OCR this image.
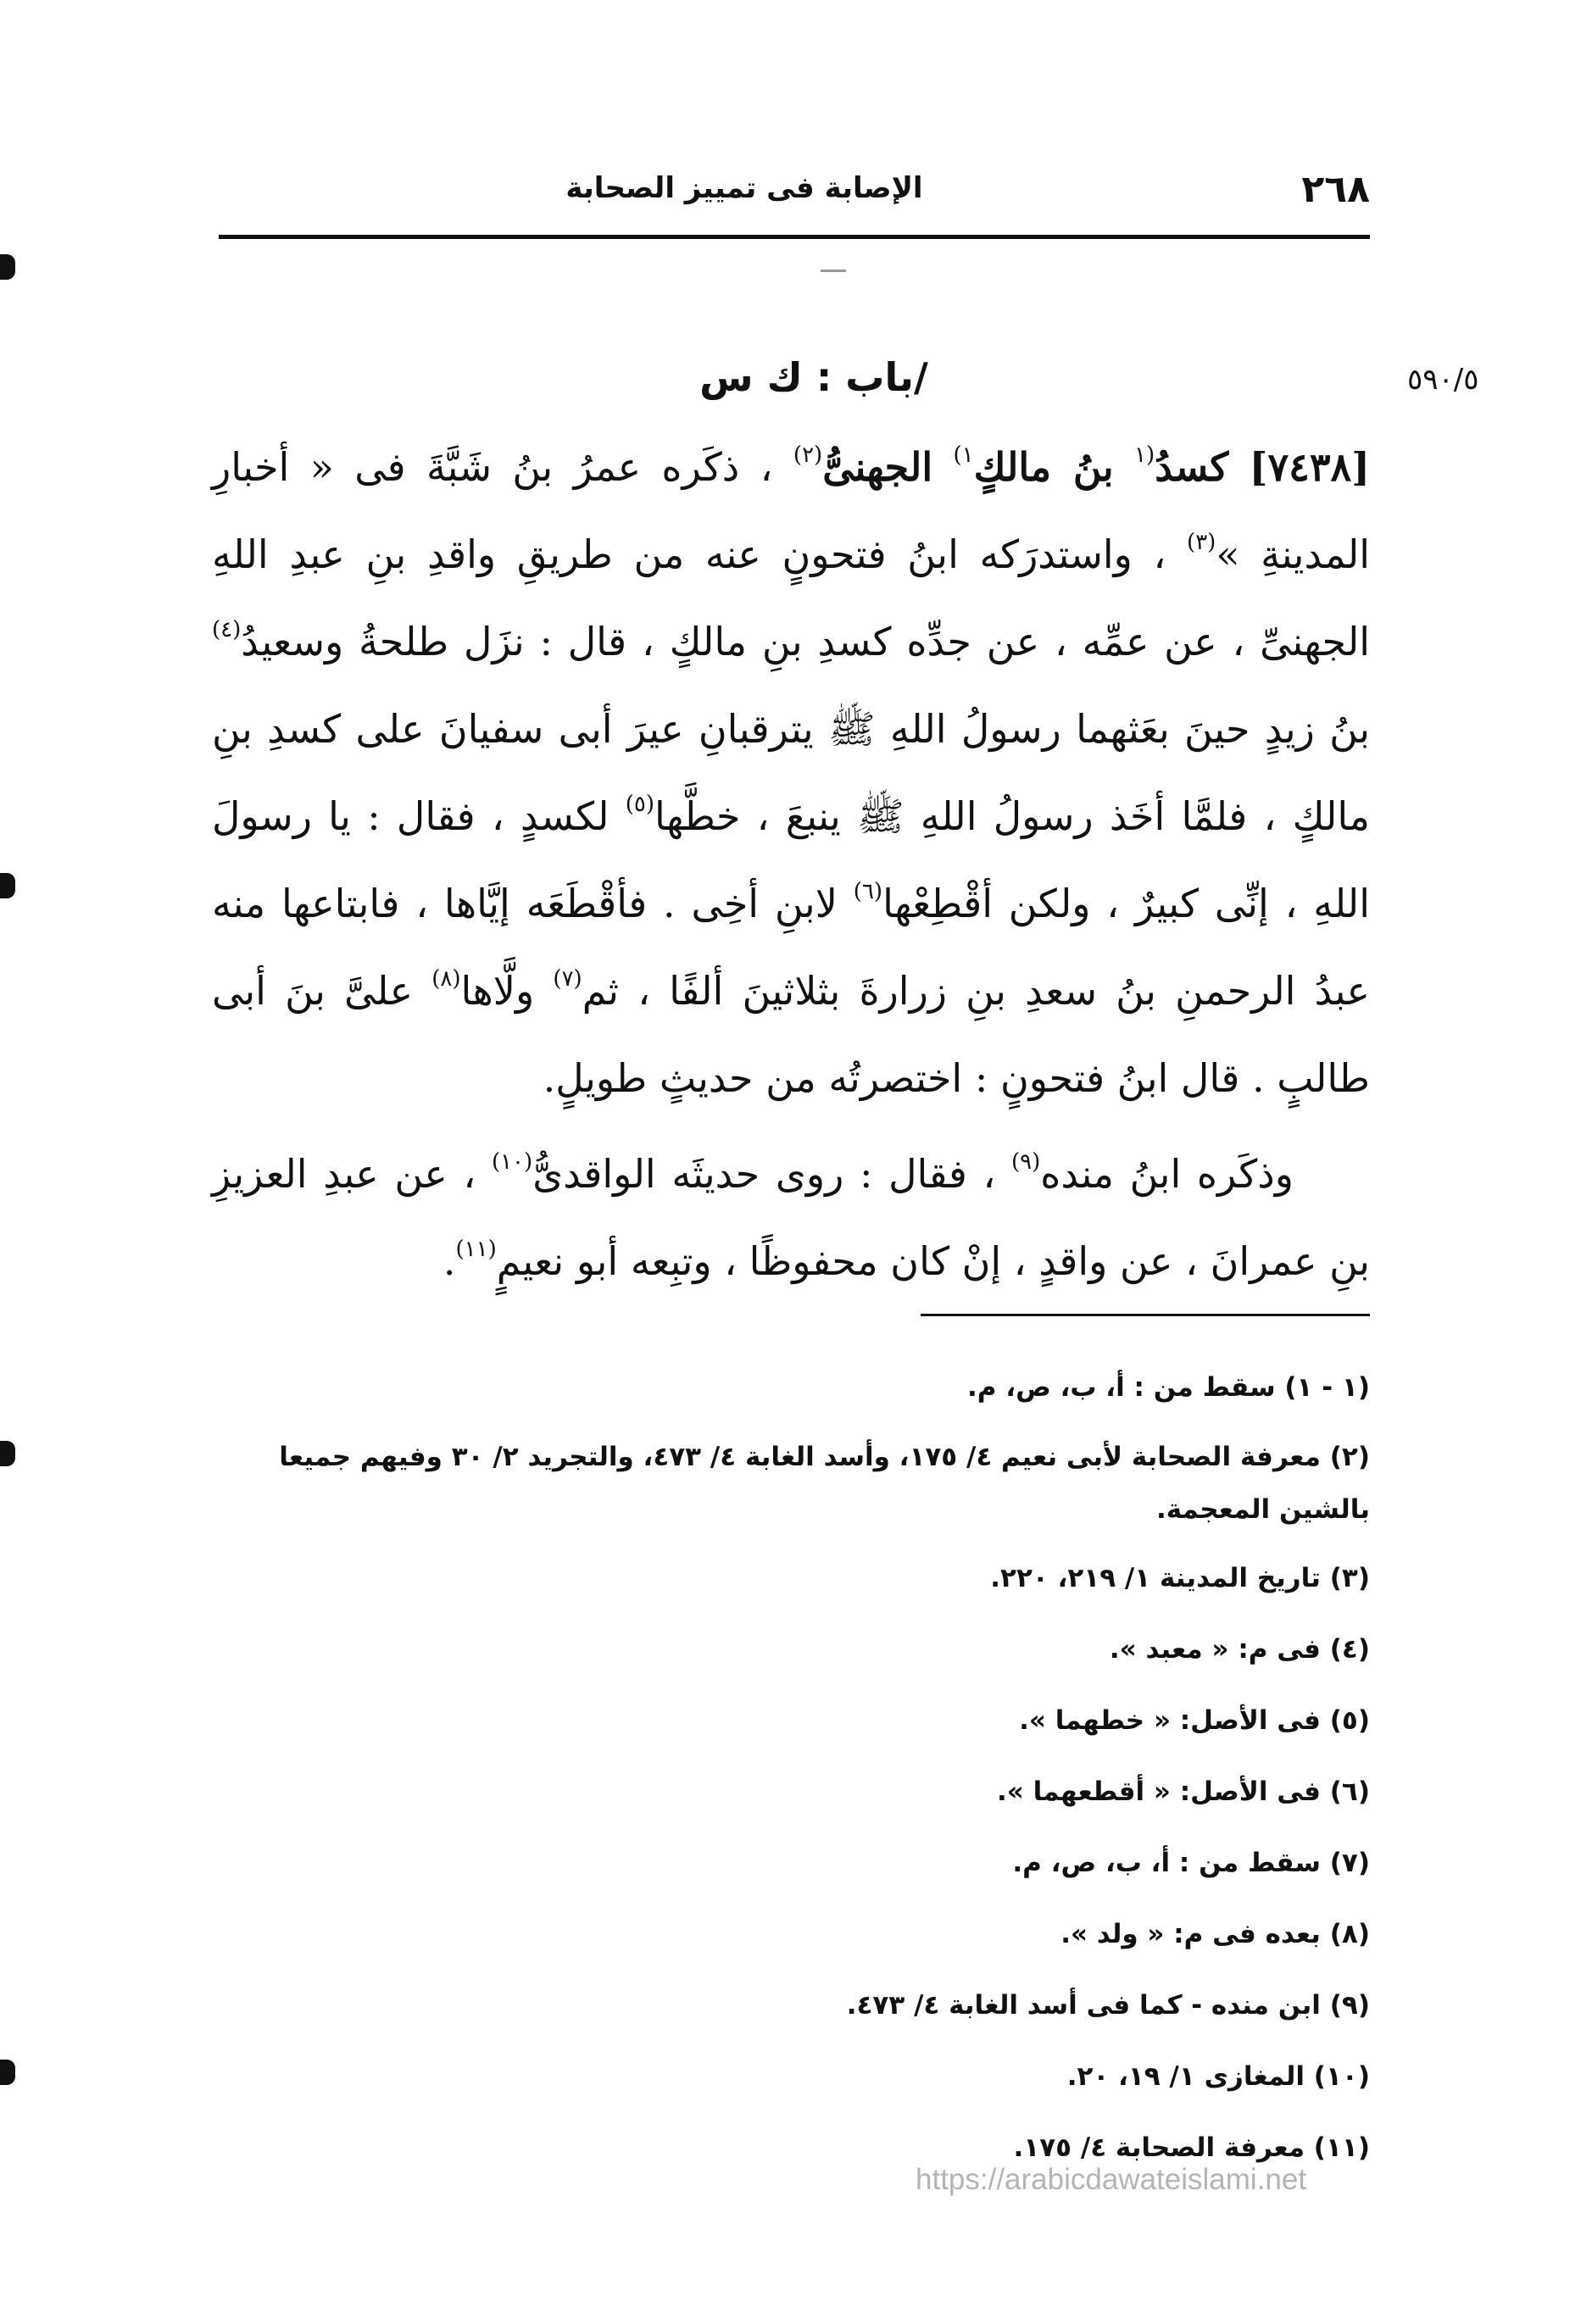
٢٦٨
الإصابة فى تمييز الصحابة
٥٩٠/٥
/باب : ك س

[٧٤٣٨] كسدُ$^{(١}$ بنُ مالكٍ$^{١)}$ الجهنىُّ$^{(٢)}$ ، ذكَره عمرُ بنُ شَبَّةَ فى « أخبارِ المدينةِ »$^{(٣)}$ ، واستدرَكه ابنُ فتحونٍ عنه من طريقِ واقدِ بنِ عبدِ اللهِ الجهنىِّ ، عن عمِّه ، عن جدِّه كسدِ بنِ مالكٍ ، قال : نزَل طلحةُ وسعيدُ$^{(٤)}$ بنُ زيدٍ حينَ بعَثهما رسولُ اللهِ ﷺ يترقبانِ عيرَ أبى سفيانَ على كسدِ بنِ مالكٍ ، فلمَّا أخَذ رسولُ اللهِ ﷺ ينبعَ ، خطَّها$^{(٥)}$ لكسدٍ ، فقال : يا رسولَ اللهِ ، إنِّى كبيرٌ ، ولكن أقْطِعْها$^{(٦)}$ لابنِ أخِى . فأقْطَعَه إيَّاها ، فابتاعها منه عبدُ الرحمنِ بنُ سعدِ بنِ زرارةَ بثلاثينَ ألفًا ، ثم$^{(٧)}$ ولَّاها$^{(٨)}$ علىَّ بنَ أبى طالبٍ . قال ابنُ فتحونٍ : اختصرتُه من حديثٍ طويلٍ.

وذكَره ابنُ منده$^{(٩)}$ ، فقال : روى حديثَه الواقدىُّ$^{(١٠)}$ ، عن عبدِ العزيزِ بنِ عمرانَ ، عن واقدٍ ، إنْ كان محفوظًا ، وتبِعه أبو نعيمٍ$^{(١١)}$.

(١ - ١) سقط من : أ، ب، ص، م.

(٢) معرفة الصحابة لأبى نعيم ٤/ ١٧٥، وأسد الغابة ٤/ ٤٧٣، والتجريد ٢/ ٣٠ وفيهم جميعا بالشين المعجمة.

(٣) تاريخ المدينة ١/ ٢١٩، ٢٢٠.

(٤) فى م: « معبد ».

(٥) فى الأصل: « خطهما ».

(٦) فى الأصل: « أقطعهما ».

(٧) سقط من : أ، ب، ص، م.

(٨) بعده فى م: « ولد ».

(٩) ابن منده - كما فى أسد الغابة ٤/ ٤٧٣.

(١٠) المغازى ١/ ١٩، ٢٠.

(١١) معرفة الصحابة ٤/ ١٧٥.

https://arabicdawateislami.net
